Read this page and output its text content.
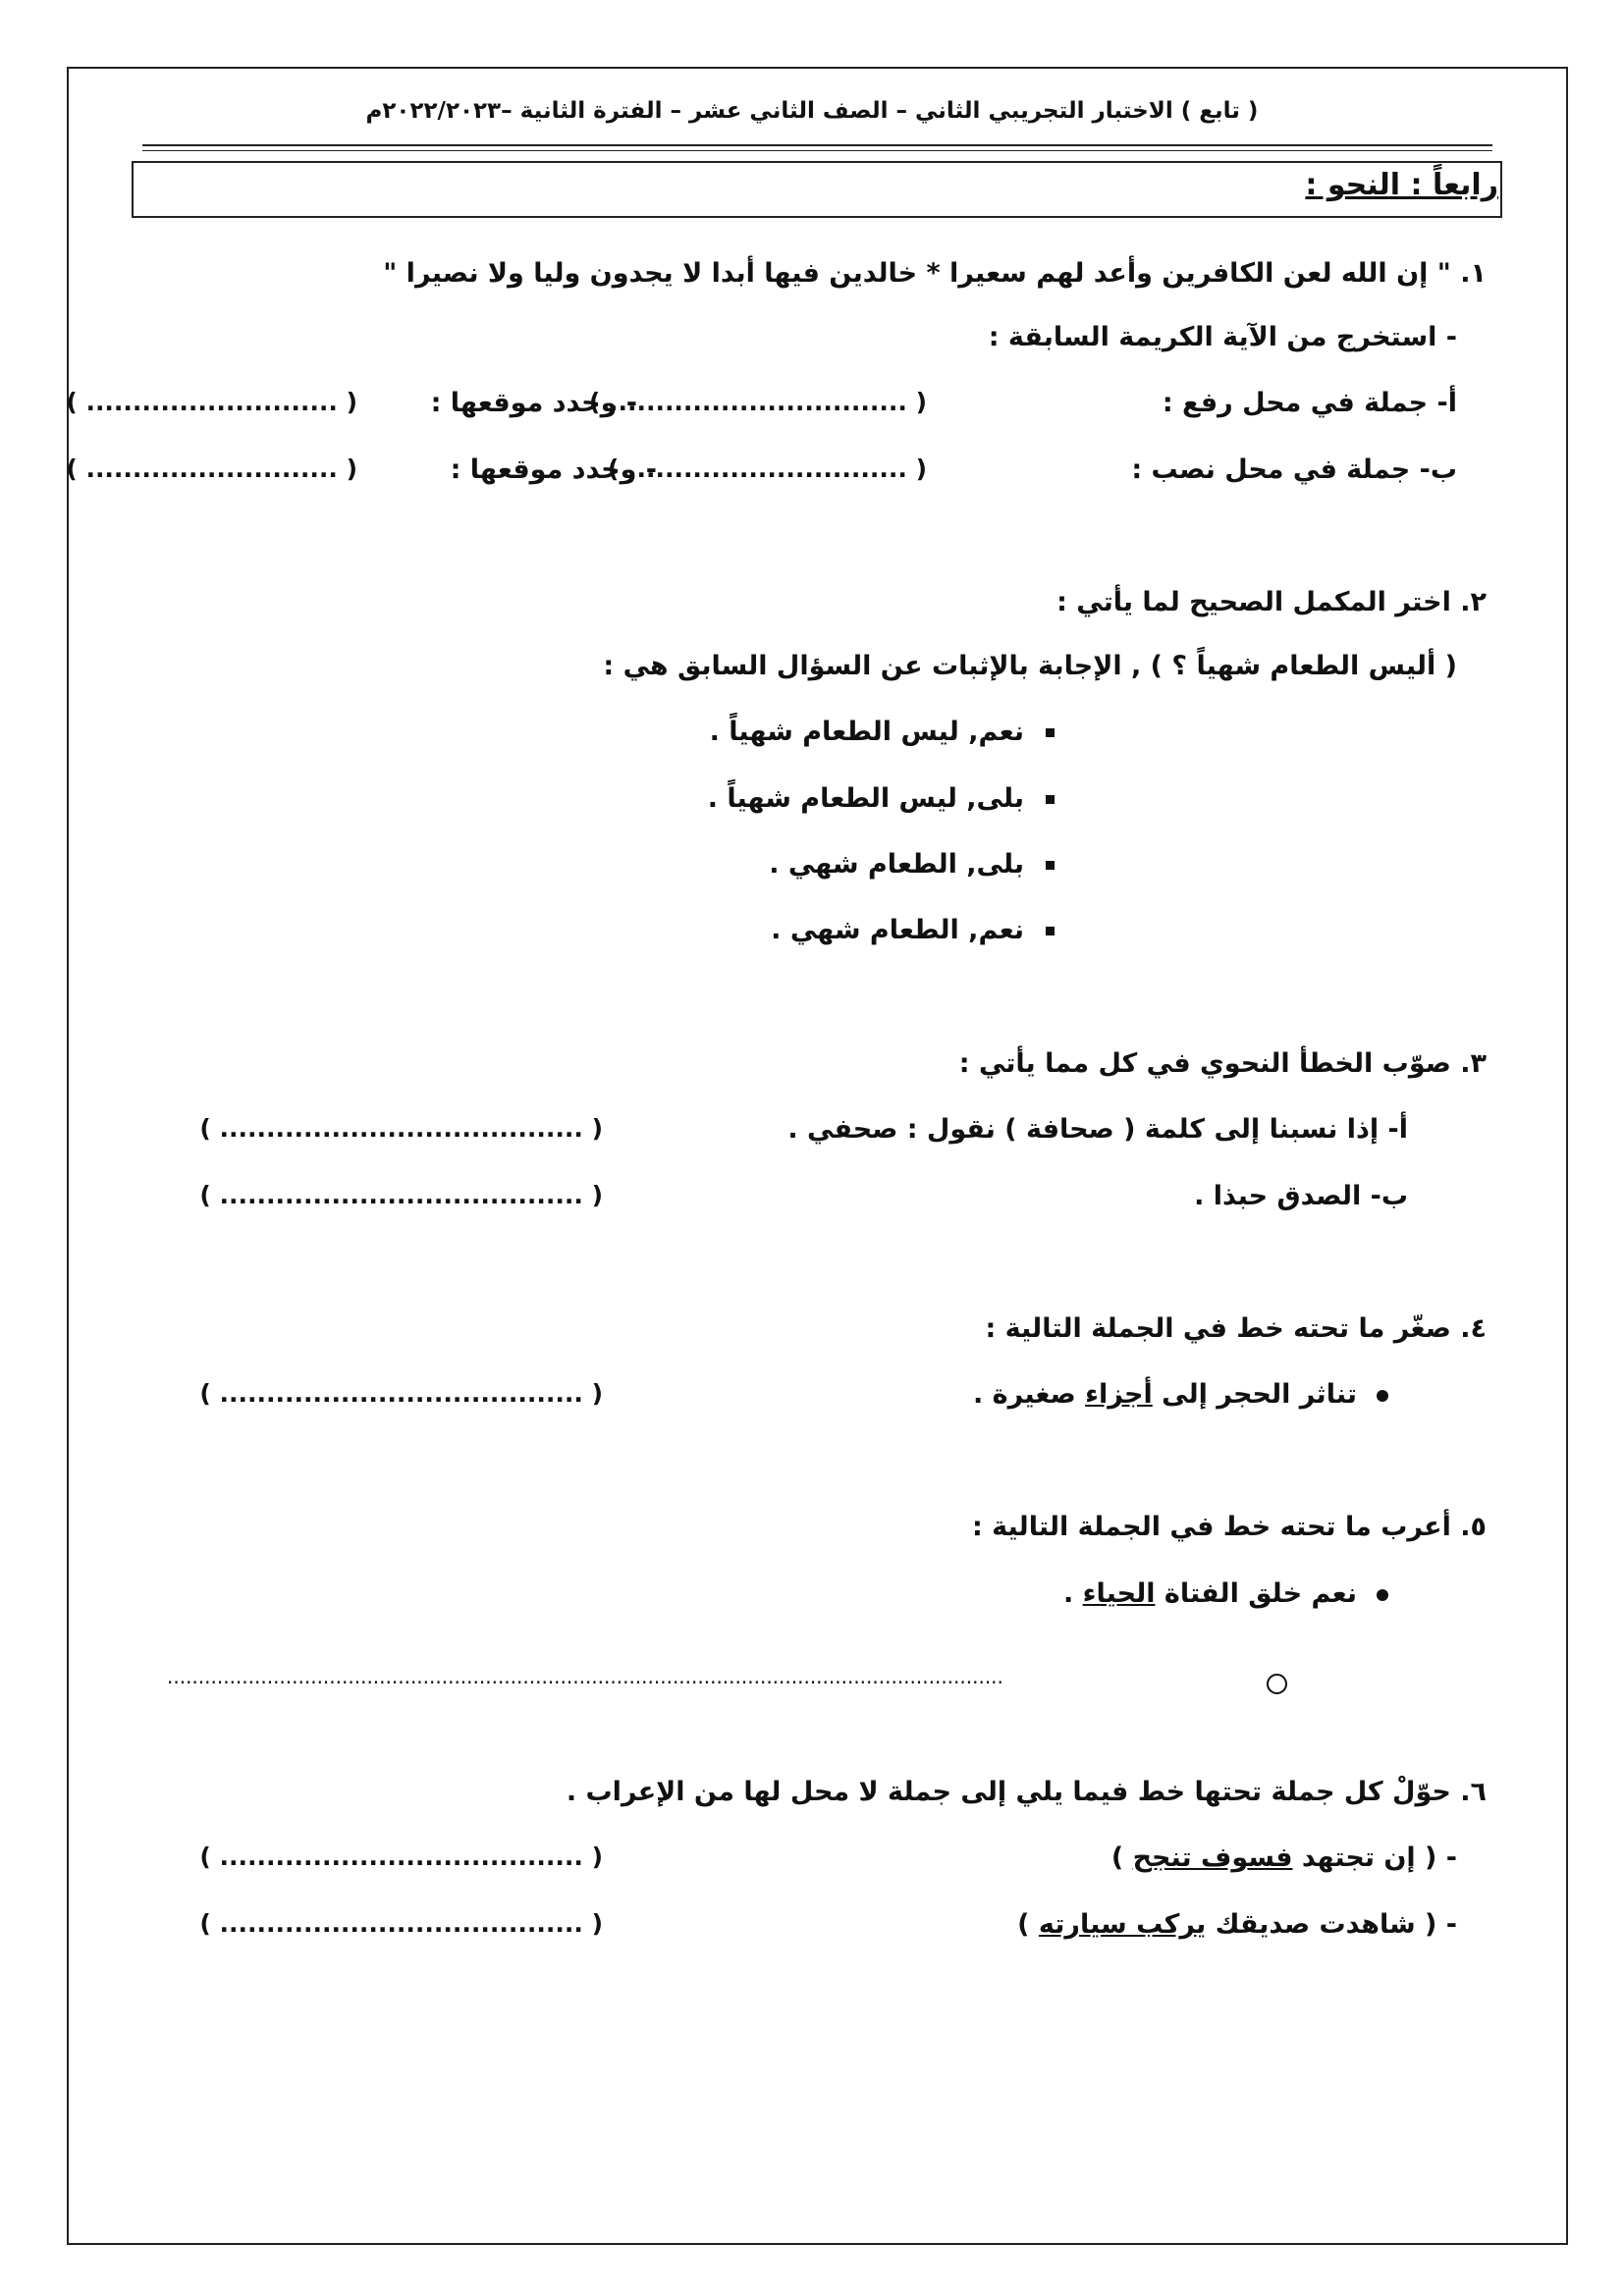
( تابع ) الاختبار التجريبي الثاني – الصف الثاني عشر – الفترة الثانية –٢٠٢٢/٢٠٢٣م
رابعاً : النحو :
١. " إن الله لعن الكافرين وأعد لهم سعيرا * خالدين فيها أبدا لا يجدون وليا ولا نصيرا "
- استخرج من الآية الكريمة السابقة :
أ- جملة في محل رفع :
( ................................ )
- وحدد موقعها :
( ........................... )
ب- جملة في محل نصب :
( .............................. )
- وحدد موقعها :
( ........................... )
٢. اختر المكمل الصحيح لما يأتي :
( أليس الطعام شهياً ؟ ) , الإجابة بالإثبات عن السؤال السابق هي :
نعم, ليس الطعام شهياً .
بلى, ليس الطعام شهياً .
بلى, الطعام شهي .
نعم, الطعام شهي .
٣. صوّب الخطأ النحوي في كل مما يأتي :
أ- إذا نسبنا إلى كلمة ( صحافة ) نقول : صحفي .
( ....................................... )
ب- الصدق حبذا .
( ....................................... )
٤. صغّر ما تحته خط في الجملة التالية :
تناثر الحجر إلى أجزاء صغيرة .
( ....................................... )
٥. أعرب ما تحته خط في الجملة التالية :
نعم خلق الفتاة الحياء .
......................................................................................................................................
٦. حوّلْ كل جملة تحتها خط فيما يلي إلى جملة لا محل لها من الإعراب .
- ( إن تجتهد فسوف تنجح )
( ....................................... )
- ( شاهدت صديقك يركب سيارته )
( ....................................... )
